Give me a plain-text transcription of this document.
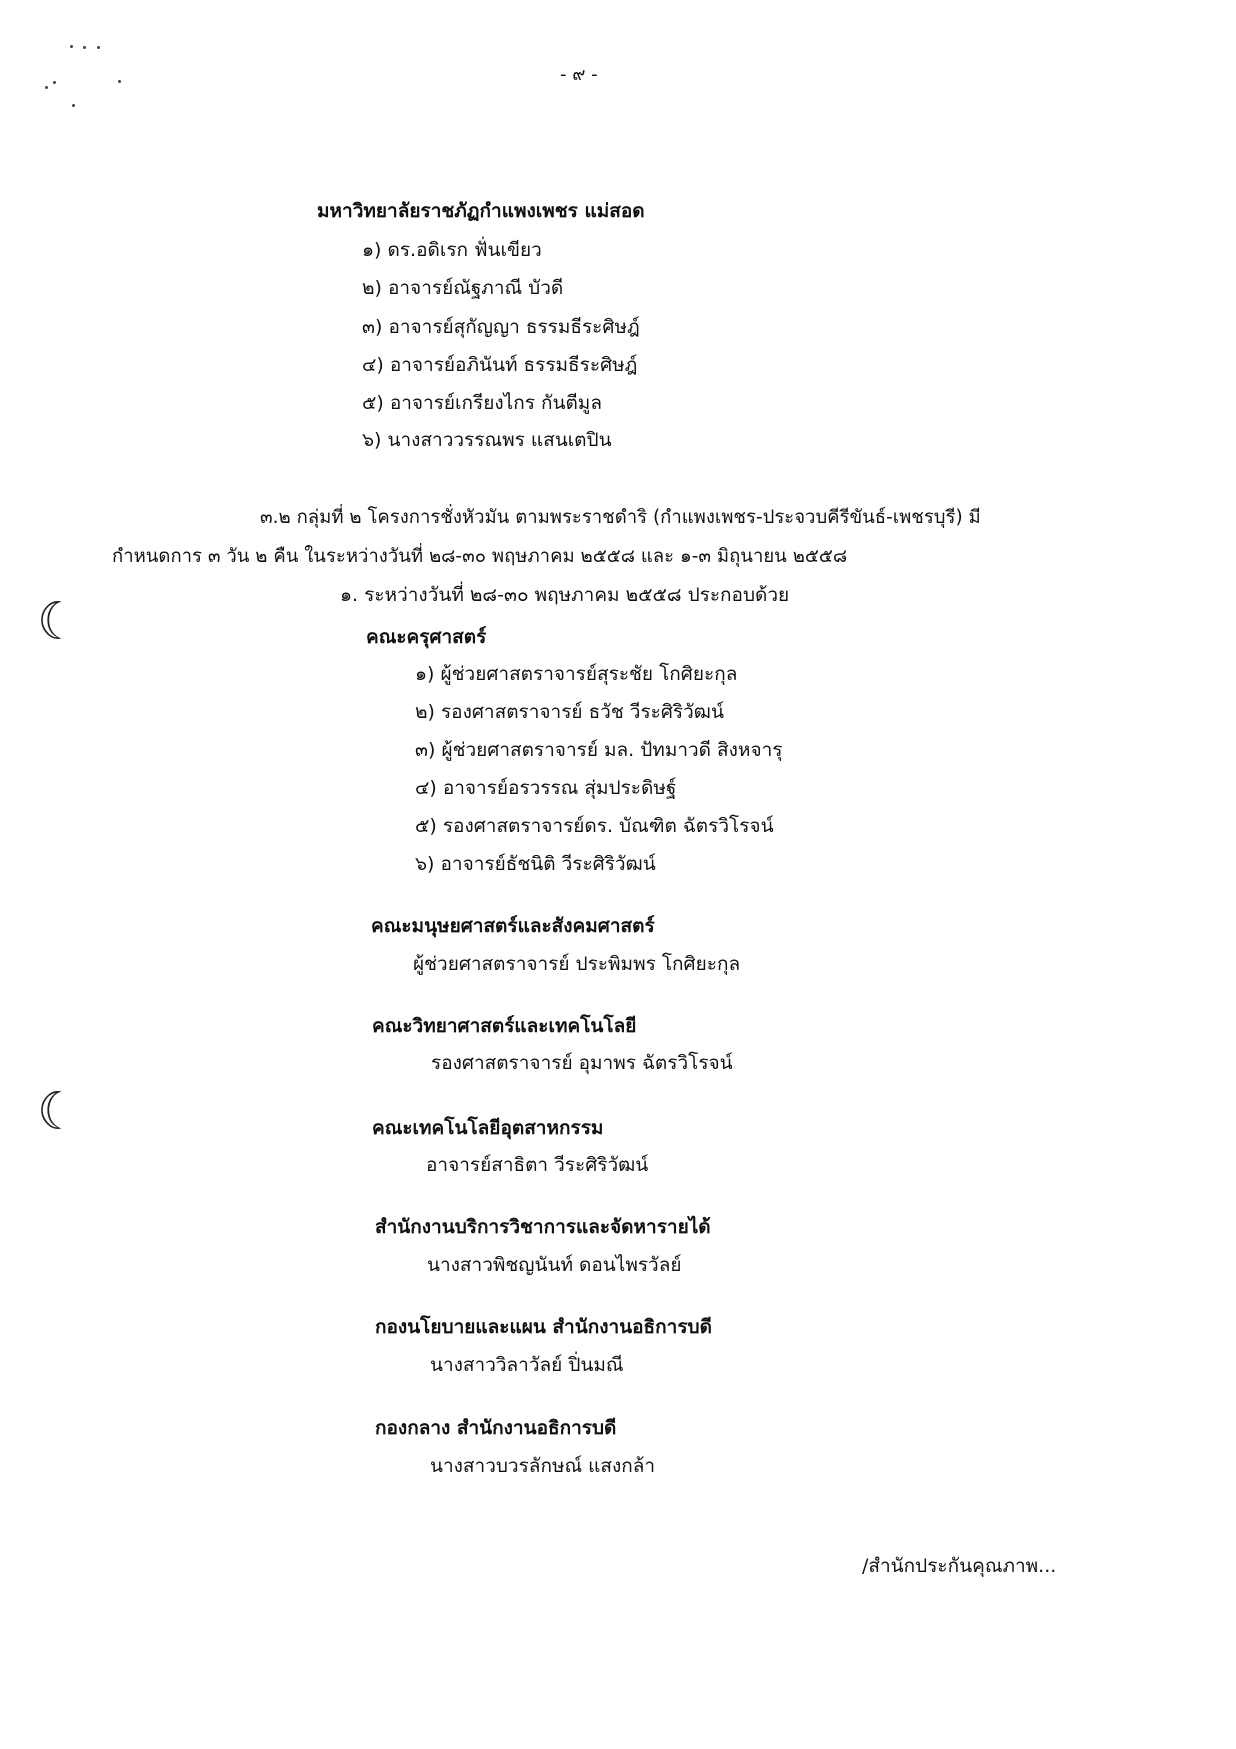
☾
☾
- ๙ -
มหาวิทยาลัยราชภัฏกำแพงเพชร แม่สอด
๑) ดร.อดิเรก ฟั่นเขียว
๒) อาจารย์ณัฐภาณี บัวดี
๓) อาจารย์สุกัญญา ธรรมธีระศิษฎ์
๔) อาจารย์อภินันท์ ธรรมธีระศิษฎ์
๕) อาจารย์เกรียงไกร กันตีมูล
๖) นางสาววรรณพร แสนเตปิน
๓.๒ กลุ่มที่ ๒ โครงการชั่งหัวมัน ตามพระราชดำริ (กำแพงเพชร-ประจวบคีรีขันธ์-เพชรบุรี) มี
กำหนดการ ๓ วัน ๒ คืน ในระหว่างวันที่ ๒๘-๓๐ พฤษภาคม ๒๕๕๘ และ ๑-๓ มิถุนายน ๒๕๕๘
๑. ระหว่างวันที่ ๒๘-๓๐ พฤษภาคม ๒๕๕๘ ประกอบด้วย
คณะครุศาสตร์
๑) ผู้ช่วยศาสตราจารย์สุระชัย โกศิยะกุล
๒) รองศาสตราจารย์ ธวัช วีระศิริวัฒน์
๓) ผู้ช่วยศาสตราจารย์ มล. ปัทมาวดี สิงหจารุ
๔) อาจารย์อรวรรณ สุ่มประดิษฐ์
๕) รองศาสตราจารย์ดร. บัณฑิต ฉัตรวิโรจน์
๖) อาจารย์ธัชนิติ วีระศิริวัฒน์
คณะมนุษยศาสตร์และสังคมศาสตร์
ผู้ช่วยศาสตราจารย์ ประพิมพร โกศิยะกุล
คณะวิทยาศาสตร์และเทคโนโลยี
รองศาสตราจารย์ อุมาพร ฉัตรวิโรจน์
คณะเทคโนโลยีอุตสาหกรรม
อาจารย์สาธิตา วีระศิริวัฒน์
สำนักงานบริการวิชาการและจัดหารายได้
นางสาวพิชญนันท์ ดอนไพรวัลย์
กองนโยบายและแผน สำนักงานอธิการบดี
นางสาววิลาวัลย์ ปิ่นมณี
กองกลาง สำนักงานอธิการบดี
นางสาวบวรลักษณ์ แสงกล้า
/สำนักประกันคุณภาพ...
